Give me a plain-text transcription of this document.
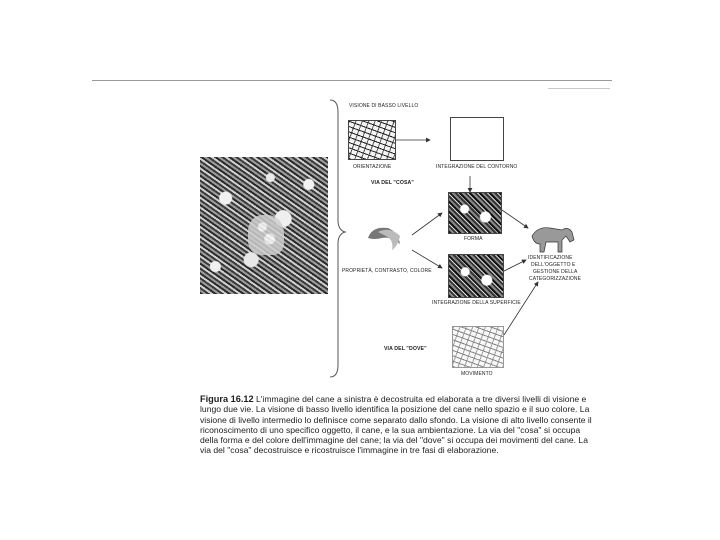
VISIONE DI BASSO LIVELLO
ORIENTAZIONE	INTEGRAZIONE DEL CONTORNO
VIA DEL "COSA"
FORMA
PROPRIETÀ, CONTRASTO, COLORE
INTEGRAZIONE DELLA SUPERFICIE
IDENTIFICAZIONE
DELL'OGGETTO E
GESTIONE DELLA
CATEGORIZZAZIONE
VIA DEL "DOVE"
MOVIMENTO
Figura 16.12 L'immagine del cane a sinistra è decostruita ed elaborata a tre diversi livelli di visione e lungo due vie. La visione di basso livello identifica la posizione del cane nello spazio e il suo colore. La visione di livello intermedio lo definisce come separato dallo sfondo. La visione di alto livello consente il riconoscimento di uno specifico oggetto, il cane, e la sua ambientazione. La via del "cosa" si occupa della forma e del colore dell'immagine del cane; la via del "dove" si occupa dei movimenti del cane. La via del "cosa" decostruisce e ricostruisce l'immagine in tre fasi di elaborazione.
